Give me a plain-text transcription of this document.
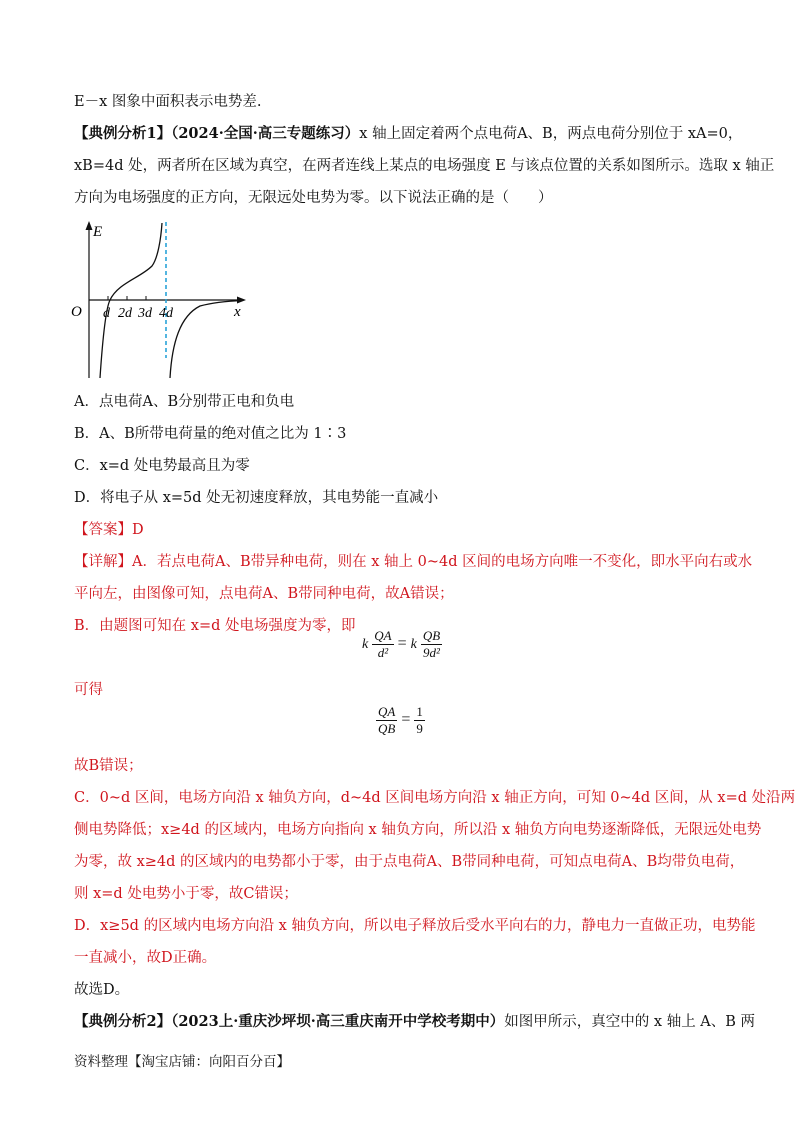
E－x 图象中面积表示电势差.
【典例分析1】（2024·全国·高三专题练习）x 轴上固定着两个点电荷A、B，两点电荷分别位于 xA=0，
xB=4d 处，两者所在区域为真空，在两者连线上某点的电场强度 E 与该点位置的关系如图所示。选取 x 轴正
方向为电场强度的正方向，无限远处电势为零。以下说法正确的是（　　）
E
O	x
d 2d 3d 4d
A．点电荷A、B分别带正电和负电
B．A、B所带电荷量的绝对值之比为 1∶3
C．x=d 处电势最高且为零
D．将电子从 x=5d 处无初速度释放，其电势能一直减小
【答案】D
【详解】A．若点电荷A、B带异种电荷，则在 x 轴上 0~4d 区间的电场方向唯一不变化，即水平向右或水
平向左，由图像可知，点电荷A、B带同种电荷，故A错误；
B．由题图可知在 x=d 处电场强度为零，即
k $\frac{QA}{\text{d²}} = k \frac{QB}{\text{9d²}}$
可得
$\frac{QA}{QB} = \frac{1}{9}$
故B错误；
C．0~d 区间，电场方向沿 x 轴负方向，d~4d 区间电场方向沿 x 轴正方向，可知 0~4d 区间，从 x=d 处沿两
侧电势降低；x≥4d 的区域内，电场方向指向 x 轴负方向，所以沿 x 轴负方向电势逐渐降低，无限远处电势
为零，故 x≥4d 的区域内的电势都小于零，由于点电荷A、B带同种电荷，可知点电荷A、B均带负电荷，
则 x=d 处电势小于零，故C错误；
D．x≥5d 的区域内电场方向沿 x 轴负方向，所以电子释放后受水平向右的力，静电力一直做正功，电势能
一直减小，故D正确。
故选D。
【典例分析2】（2023上·重庆沙坪坝·高三重庆南开中学校考期中）如图甲所示，真空中的 x 轴上 A、B 两
资料整理【淘宝店铺：向阳百分百】
